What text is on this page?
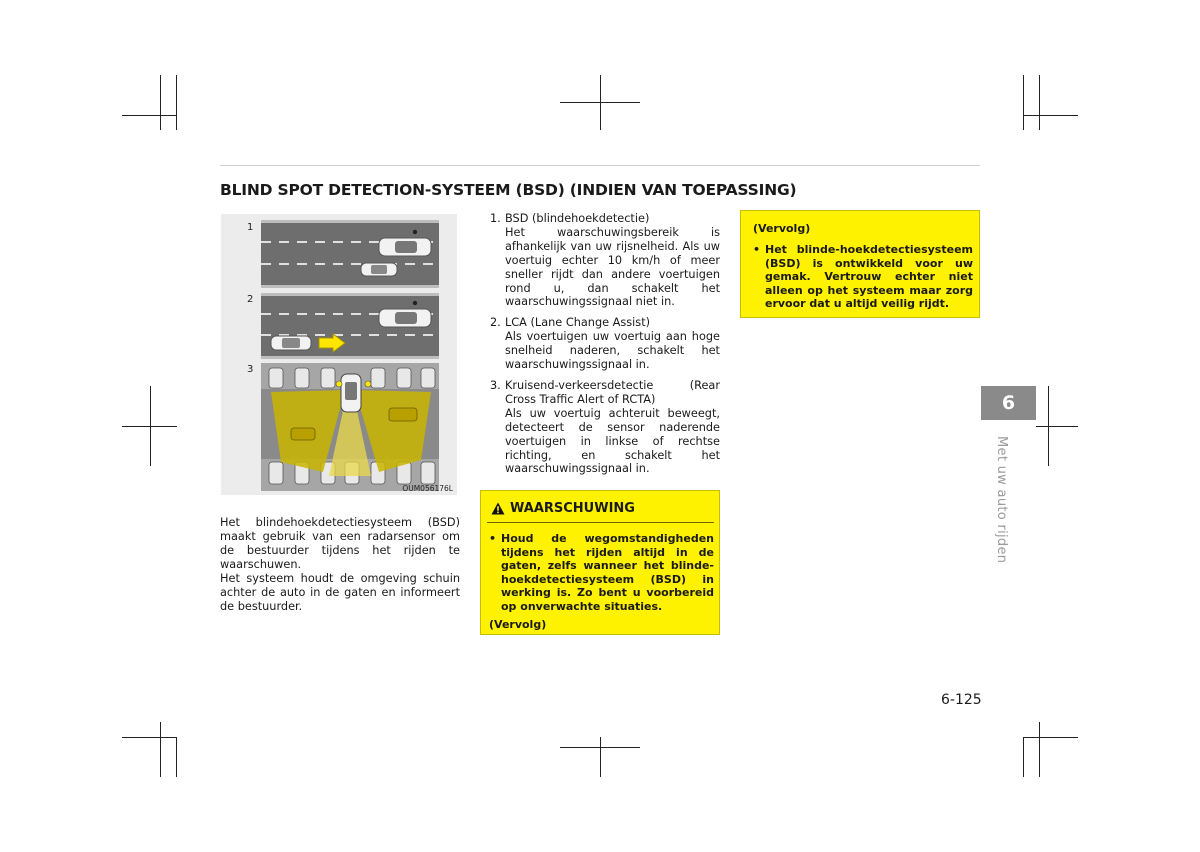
BLIND SPOT DETECTION-SYSTEEM (BSD) (INDIEN VAN TOEPASSING)
1
2
3
OUM056176L

Het blindehoekdetectiesysteem (BSD) maakt gebruik van een radarsensor om de bestuurder tijdens het rijden te waarschuwen.

Het systeem houdt de omgeving schuin achter de auto in de gaten en informeert de bestuurder.

1. BSD (blindehoekdetectie)
Het waarschuwingsbereik is afhankelijk van uw rijsnelheid. Als uw voertuig echter 10 km/h of meer sneller rijdt dan andere voertuigen rond u, dan schakelt het waarschuwingssignaal niet in.
2. LCA (Lane Change Assist)
Als voertuigen uw voertuig aan hoge snelheid naderen, schakelt het waarschuwingssignaal in.
3. Kruisend-verkeersdetectie	(Rear
Cross Traffic Alert of RCTA)
Als uw voertuig achteruit beweegt, detecteert de sensor naderende voertuigen in linkse of rechtse richting, en schakelt het waarschuwingssignaal in.
WAARSCHUWING
• Houd de wegomstandigheden tijdens het rijden altijd in de gaten, zelfs wanneer het blinde-hoekdetectiesysteem (BSD) in werking is. Zo bent u voorbereid op onverwachte situaties.
(Vervolg)
(Vervolg)
• Het blinde-hoekdetectiesysteem (BSD) is ontwikkeld voor uw gemak. Vertrouw echter niet alleen op het systeem maar zorg ervoor dat u altijd veilig rijdt.
6
Met uw auto rijden
6-125
